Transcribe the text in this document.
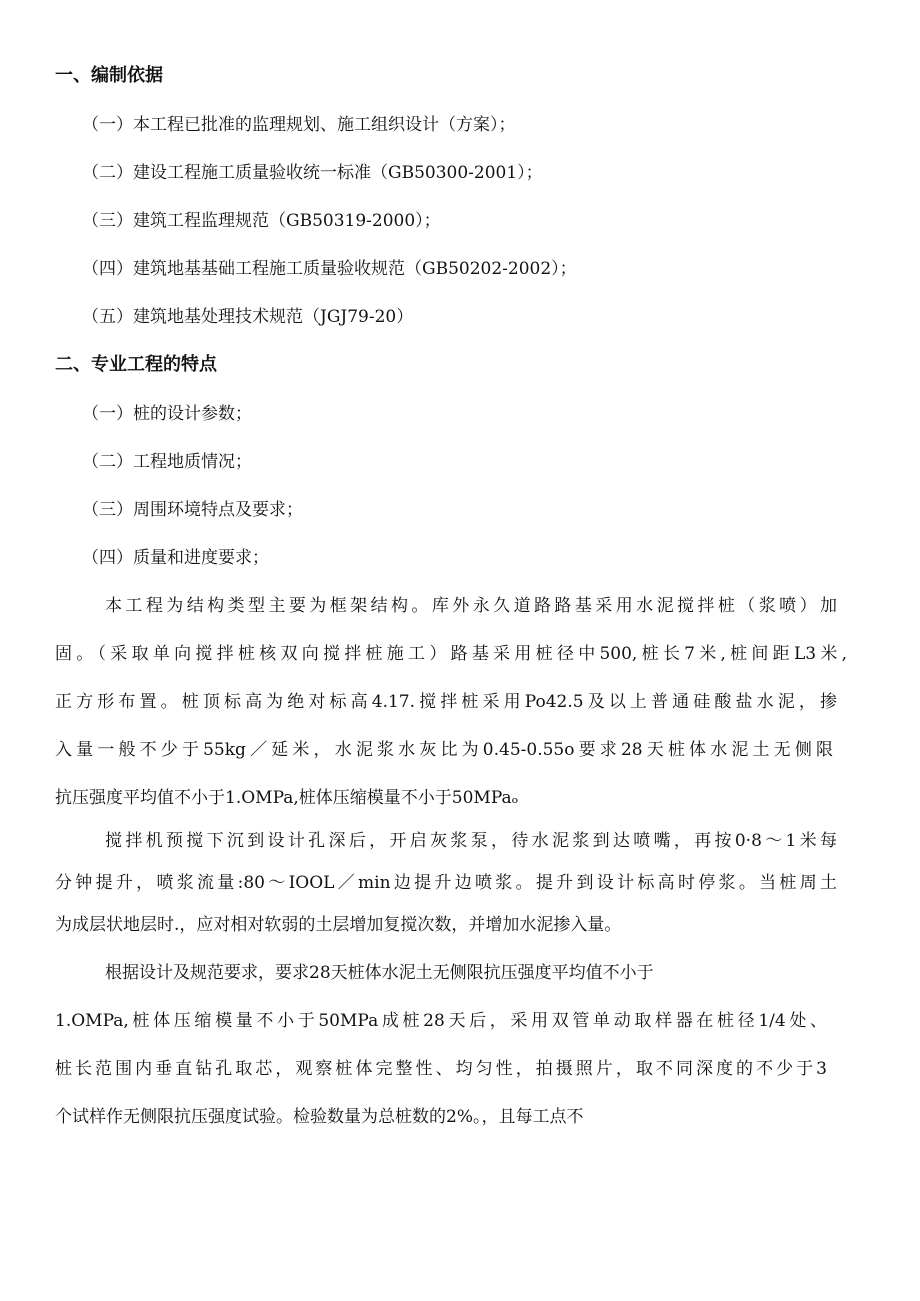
一、编制依据
（一）本工程已批准的监理规划、施工组织设计（方案）；
（二）建设工程施工质量验收统一标准（GB50300-2001）；
（三）建筑工程监理规范（GB50319-2000）；
（四）建筑地基基础工程施工质量验收规范（GB50202-2002）；
（五）建筑地基处理技术规范（JGJ79-20）
二、专业工程的特点
（一）桩的设计参数；
（二）工程地质情况；
（三）周围环境特点及要求；
（四）质量和进度要求；
本工程为结构类型主要为框架结构。库外永久道路路基采用水泥搅拌桩（浆喷）加
固。（采取单向搅拌桩核双向搅拌桩施工）路基采用桩径中500,桩长7米,桩间距L3米,
正方形布置。桩顶标高为绝对标高4.17.搅拌桩采用Po42.5及以上普通硅酸盐水泥，掺
入量一般不少于55kg／延米，水泥浆水灰比为0.45-0.55o要求28天桩体水泥土无侧限
抗压强度平均值不小于1.OMPa,桩体压缩模量不小于50MPaₒ
搅拌机预搅下沉到设计孔深后，开启灰浆泵，待水泥浆到达喷嘴，再按0·8～1米每
分钟提升，喷浆流量:80～IOOL／min边提升边喷浆。提升到设计标高时停浆。当桩周土
为成层状地层时.，应对相对软弱的土层增加复搅次数，并增加水泥掺入量。
根据设计及规范要求，要求28天桩体水泥土无侧限抗压强度平均值不小于
1.OMPa,桩体压缩模量不小于50MPa成桩28天后，采用双管单动取样器在桩径1/4处、
桩长范围内垂直钻孔取芯，观察桩体完整性、均匀性，拍摄照片，取不同深度的不少于3
个试样作无侧限抗压强度试验。检验数量为总桩数的2%。，且每工点不
